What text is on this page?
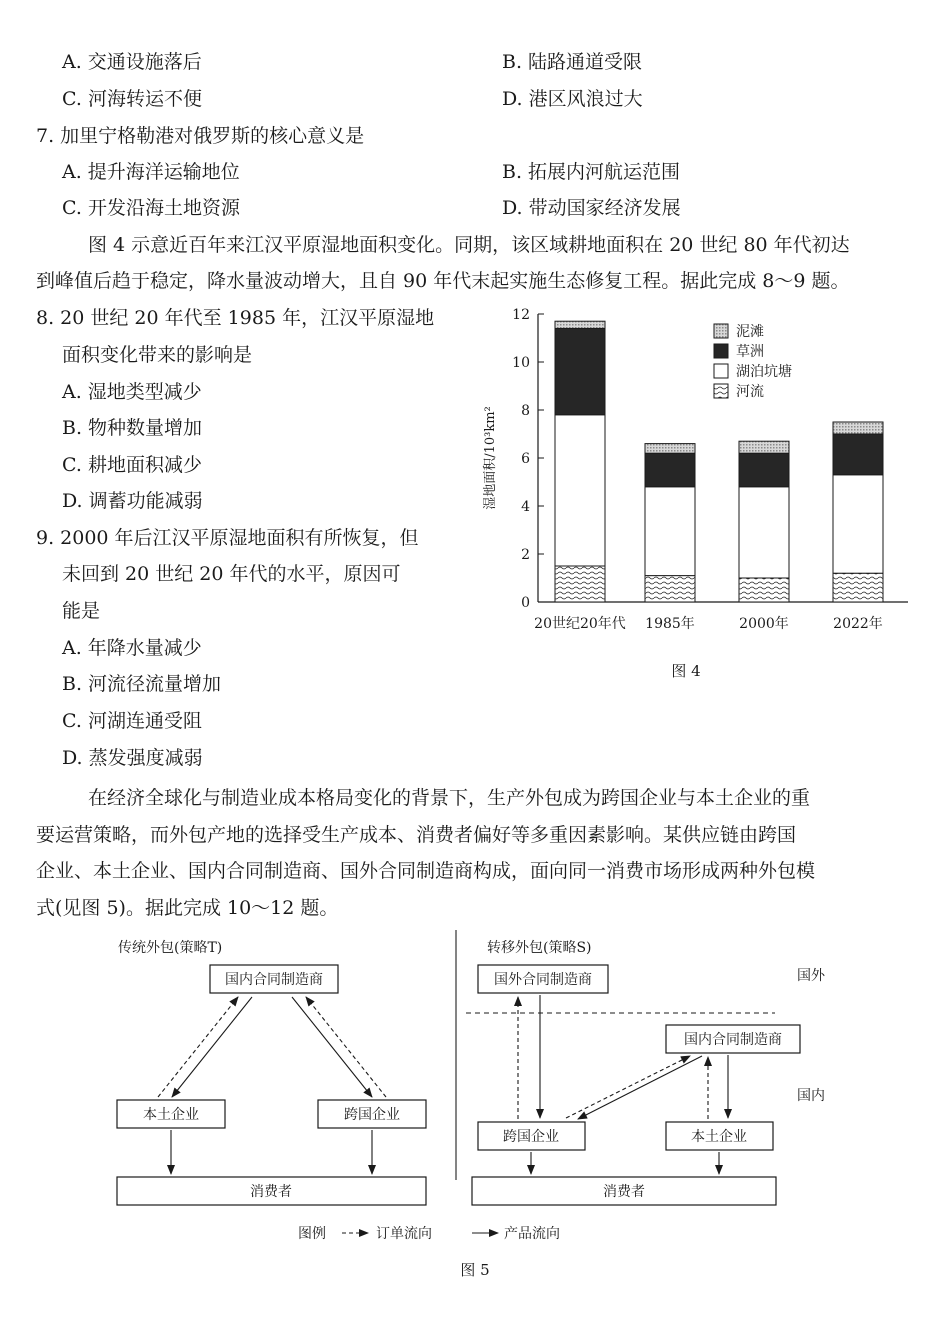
A. 交通设施落后	B. 陆路通道受限
C. 河海转运不便	D. 港区风浪过大
7. 加里宁格勒港对俄罗斯的核心意义是
A. 提升海洋运输地位	B. 拓展内河航运范围
C. 开发沿海土地资源	D. 带动国家经济发展
图 4 示意近百年来江汉平原湿地面积变化。同期，该区域耕地面积在 20 世纪 80 年代初达
到峰值后趋于稳定，降水量波动增大，且自 90 年代末起实施生态修复工程。据此完成 8～9 题。
8. 20 世纪 20 年代至 1985 年，江汉平原湿地
面积变化带来的影响是
A. 湿地类型减少
B. 物种数量增加
C. 耕地面积减少
D. 调蓄功能减弱
9. 2000 年后江汉平原湿地面积有所恢复，但
未回到 20 世纪 20 年代的水平，原因可
能是
A. 年降水量减少
B. 河流径流量增加
C. 河湖连通受阻
D. 蒸发强度减弱
0
2
4
6
8
10
12
湿地面积/10³km²
20世纪20年代 1985年	2000年	2022年
泥滩
草洲
湖泊坑塘
河流
图 4
在经济全球化与制造业成本格局变化的背景下，生产外包成为跨国企业与本土企业的重
要运营策略，而外包产地的选择受生产成本、消费者偏好等多重因素影响。某供应链由跨国
企业、本土企业、国内合同制造商、国外合同制造商构成，面向同一消费市场形成两种外包模
式(见图 5)。据此完成 10～12 题。
传统外包(策略T)
国内合同制造商
本土企业	跨国企业
消费者
转移外包(策略S)
国外
国内
国外合同制造商
国内合同制造商
跨国企业	本土企业
消费者
图例	订单流向	产品流向
图 5
